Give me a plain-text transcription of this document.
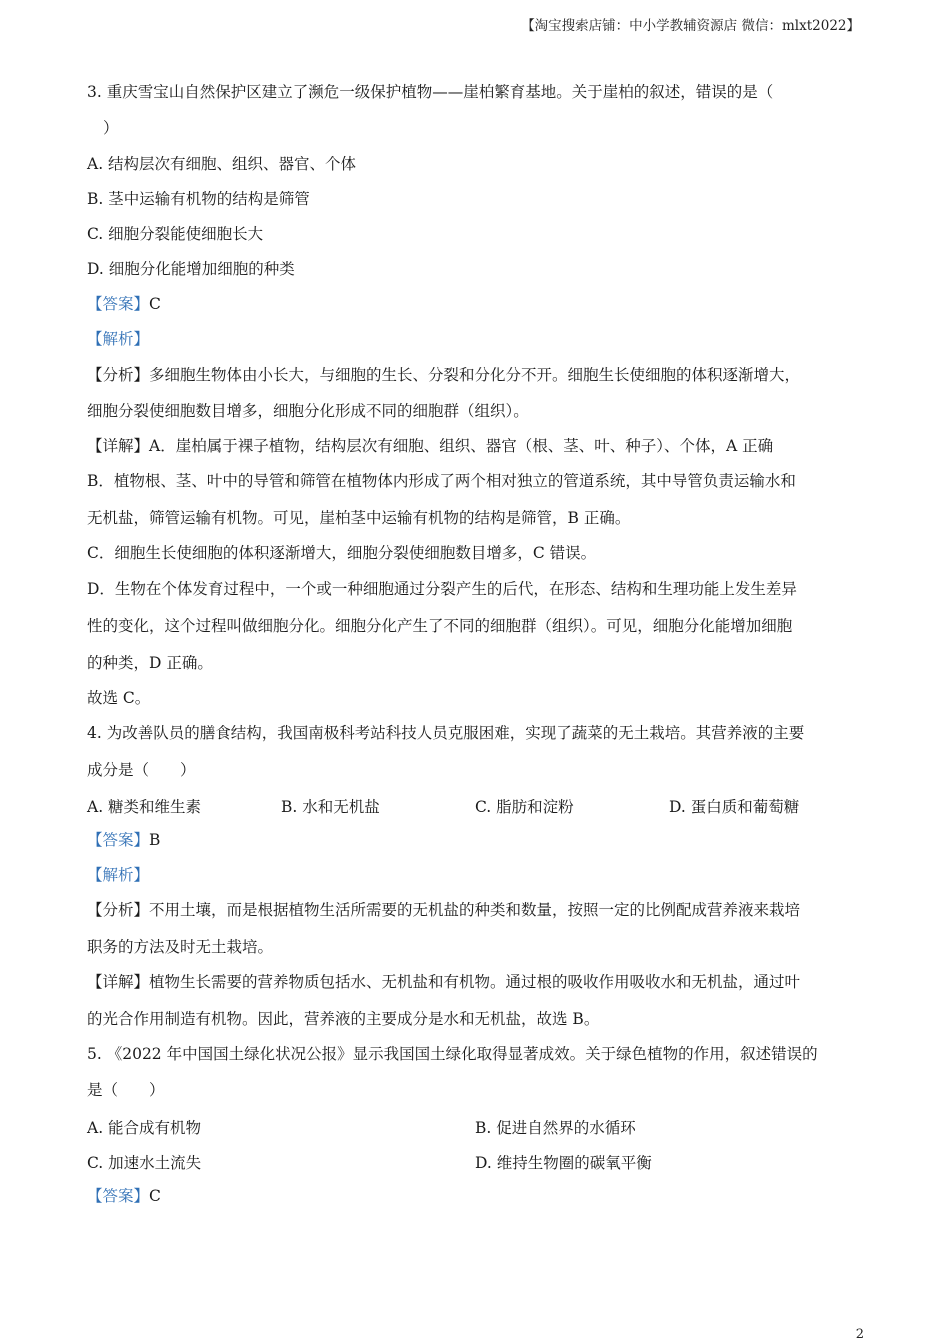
【淘宝搜索店铺：中小学教辅资源店 微信：mlxt2022】
3. 重庆雪宝山自然保护区建立了濒危一级保护植物——崖柏繁育基地。关于崖柏的叙述，错误的是（
）
A. 结构层次有细胞、组织、器官、个体
B. 茎中运输有机物的结构是筛管
C. 细胞分裂能使细胞长大
D. 细胞分化能增加细胞的种类
【答案】C
【解析】
【分析】多细胞生物体由小长大，与细胞的生长、分裂和分化分不开。细胞生长使细胞的体积逐渐增大，
细胞分裂使细胞数目增多，细胞分化形成不同的细胞群（组织）。
【详解】A．崖柏属于裸子植物，结构层次有细胞、组织、器官（根、茎、叶、种子）、个体，A 正确
B．植物根、茎、叶中的导管和筛管在植物体内形成了两个相对独立的管道系统，其中导管负责运输水和
无机盐，筛管运输有机物。可见，崖柏茎中运输有机物的结构是筛管，B 正确。
C．细胞生长使细胞的体积逐渐增大，细胞分裂使细胞数目增多，C 错误。
D．生物在个体发育过程中，一个或一种细胞通过分裂产生的后代，在形态、结构和生理功能上发生差异
性的变化，这个过程叫做细胞分化。细胞分化产生了不同的细胞群（组织）。可见，细胞分化能增加细胞
的种类，D 正确。
故选 C。
4. 为改善队员的膳食结构，我国南极科考站科技人员克服困难，实现了蔬菜的无土栽培。其营养液的主要
成分是（　　）
A. 糖类和维生素	B. 水和无机盐	C. 脂肪和淀粉	D. 蛋白质和葡萄糖
【答案】B
【解析】
【分析】不用土壤，而是根据植物生活所需要的无机盐的种类和数量，按照一定的比例配成营养液来栽培
职务的方法及时无土栽培。
【详解】植物生长需要的营养物质包括水、无机盐和有机物。通过根的吸收作用吸收水和无机盐，通过叶
的光合作用制造有机物。因此，营养液的主要成分是水和无机盐，故选 B。
5. 《2022 年中国国土绿化状况公报》显示我国国土绿化取得显著成效。关于绿色植物的作用，叙述错误的
是（　　）
A. 能合成有机物	B. 促进自然界的水循环
C. 加速水土流失	D. 维持生物圈的碳氧平衡
【答案】C
2
